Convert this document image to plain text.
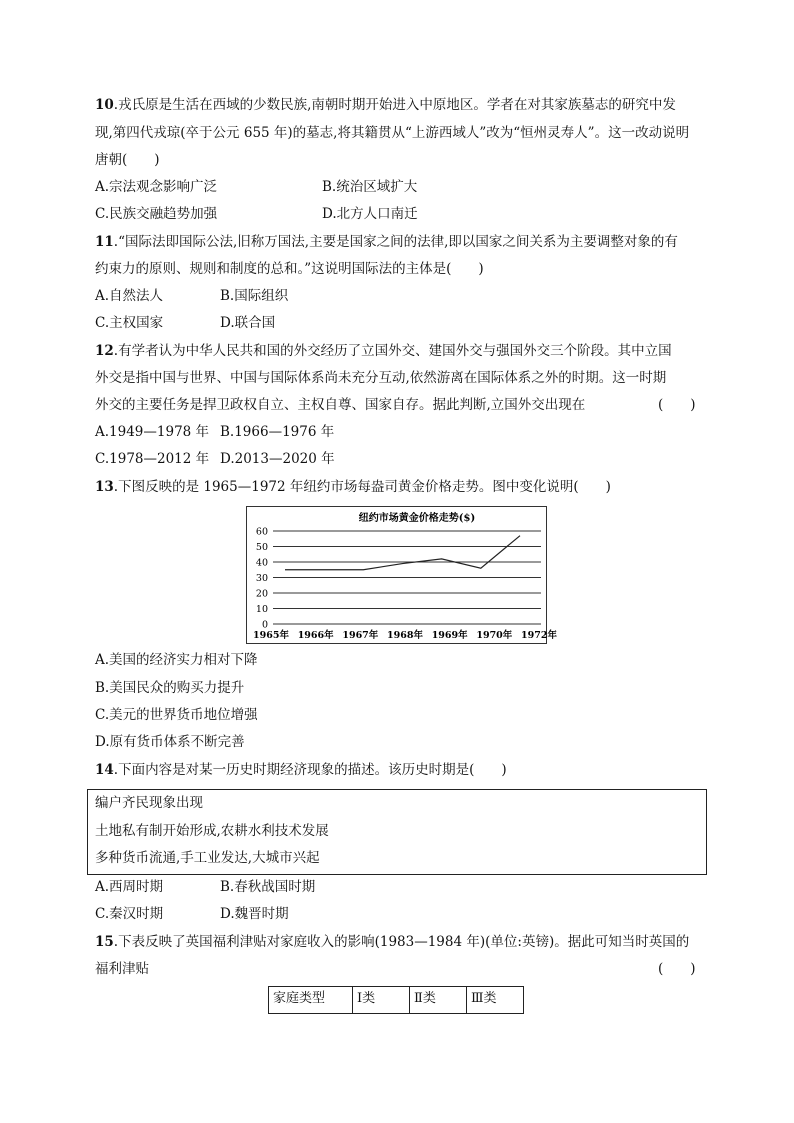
10.戎氏原是生活在西域的少数民族,南朝时期开始进入中原地区。学者在对其家族墓志的研究中发
现,第四代戎琼(卒于公元 655 年)的墓志,将其籍贯从“上游西域人”改为“恒州灵寿人”。这一改动说明
唐朝(　　)
A.宗法观念影响广泛	B.统治区域扩大
C.民族交融趋势加强	D.北方人口南迁
11.“国际法即国际公法,旧称万国法,主要是国家之间的法律,即以国家之间关系为主要调整对象的有
约束力的原则、规则和制度的总和。”这说明国际法的主体是(　　)
A.自然法人	B.国际组织
C.主权国家	D.联合国
12.有学者认为中华人民共和国的外交经历了立国外交、建国外交与强国外交三个阶段。其中立国
外交是指中国与世界、中国与国际体系尚未充分互动,依然游离在国际体系之外的时期。这一时期
外交的主要任务是捍卫政权自立、主权自尊、国家自存。据此判断,立国外交出现在	(　　)
A.1949—1978 年 B.1966—1976 年
C.1978—2012 年 D.2013—2020 年
13.下图反映的是 1965—1972 年纽约市场每盎司黄金价格走势。图中变化说明(　　)
纽约市场黄金价格走势($)
0
10
20
30
40
50
60
1965年 1966年 1967年 1968年 1969年 1970年 1972年
A.美国的经济实力相对下降
B.美国民众的购买力提升
C.美元的世界货币地位增强
D.原有货币体系不断完善
14.下面内容是对某一历史时期经济现象的描述。该历史时期是(　　)
编户齐民现象出现
土地私有制开始形成,农耕水利技术发展
多种货币流通,手工业发达,大城市兴起
A.西周时期	B.春秋战国时期
C.秦汉时期	D.魏晋时期
15.下表反映了英国福利津贴对家庭收入的影响(1983—1984 年)(单位:英镑)。据此可知当时英国的
福利津贴	(　　)
家庭类型	Ⅰ类	Ⅱ类	Ⅲ类
